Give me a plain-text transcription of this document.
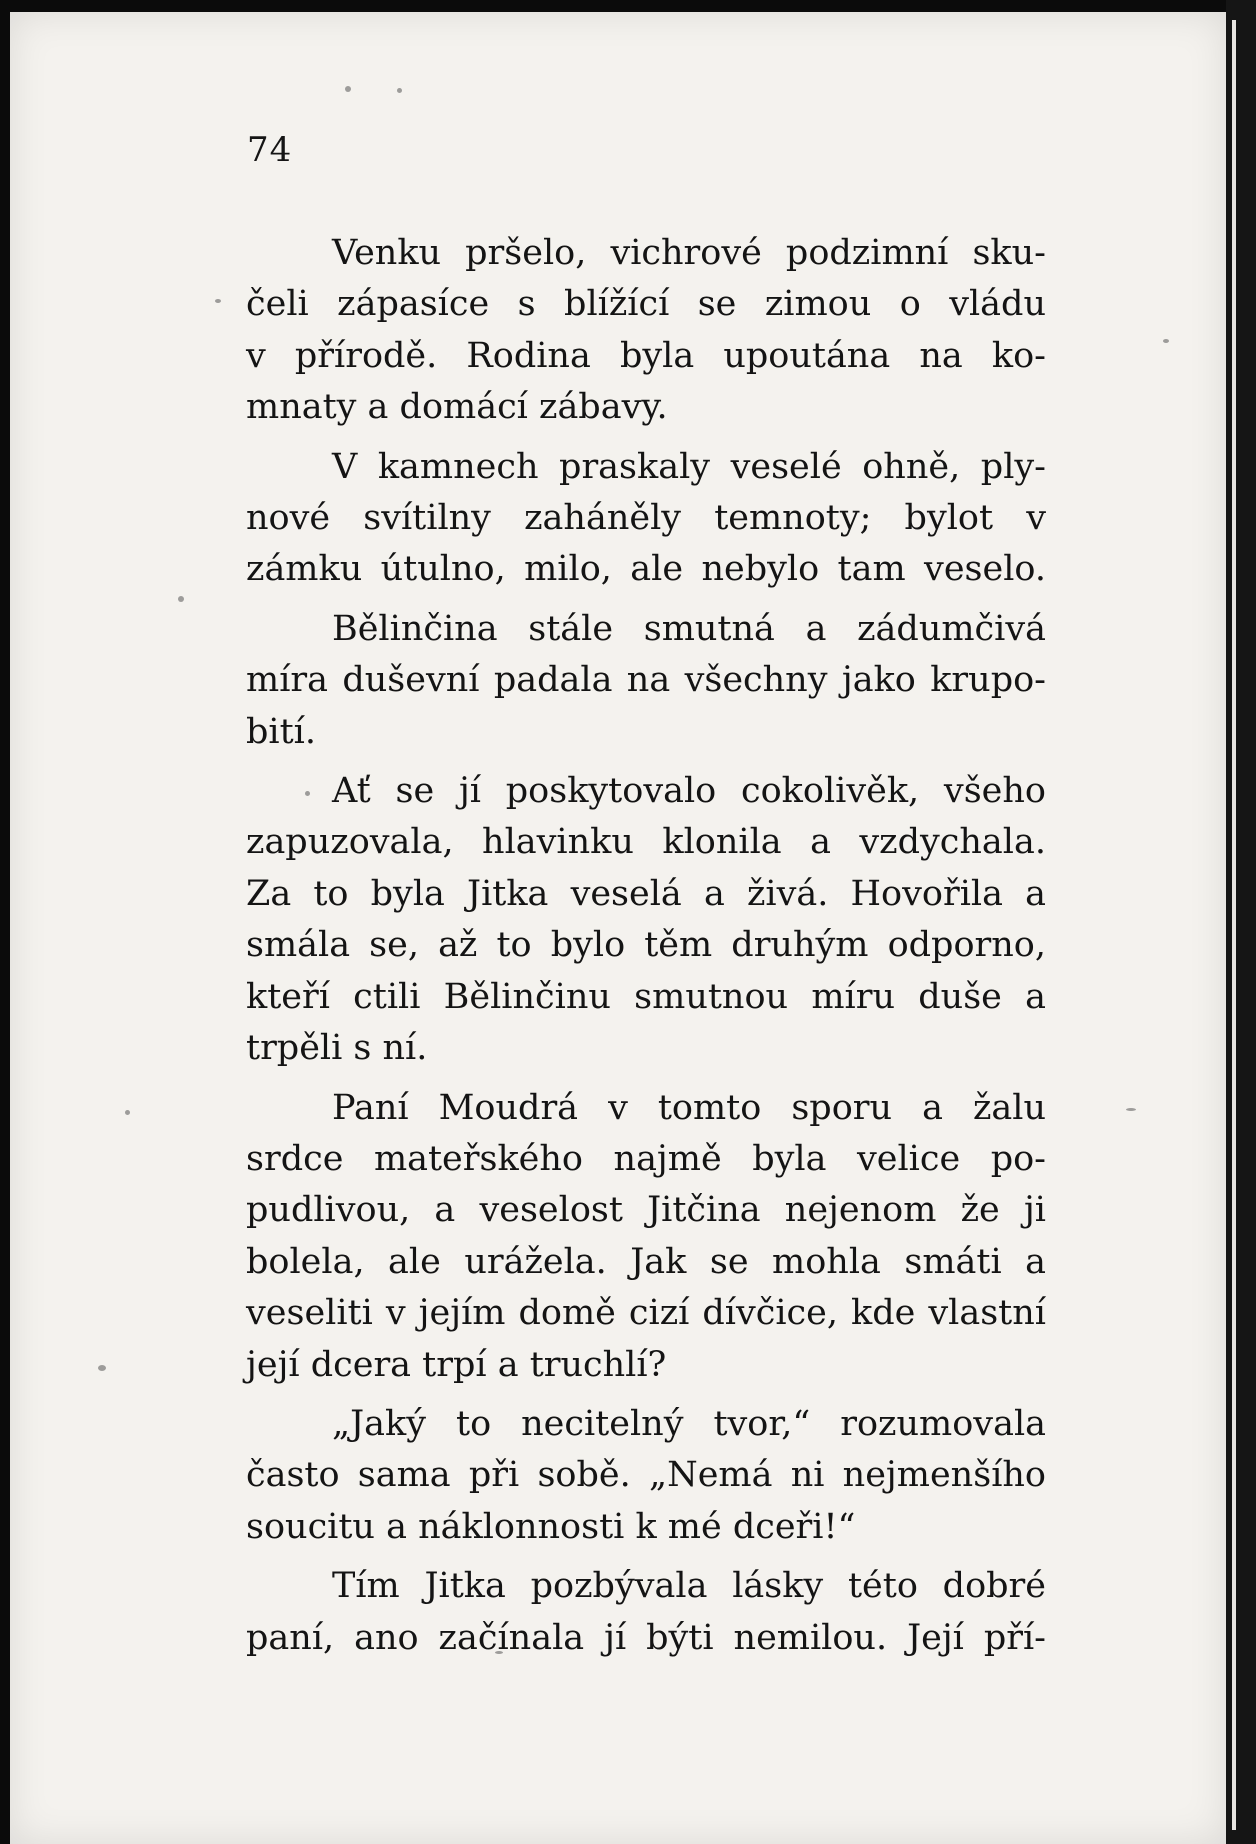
74
Venku pršelo, vichrové podzimní sku-
čeli zápasíce s blížící se zimou o vládu
v přírodě. Rodina byla upoutána na ko-
mnaty a domácí zábavy.
V kamnech praskaly veselé ohně, ply-
nové svítilny zaháněly temnoty; bylot v
zámku útulno, milo, ale nebylo tam veselo.
Bělinčina stále smutná a zádumčivá
míra duševní padala na všechny jako krupo-
bití.
Ať se jí poskytovalo cokolivěk, všeho
zapuzovala, hlavinku klonila a vzdychala.
Za to byla Jitka veselá a živá. Hovořila a
smála se, až to bylo těm druhým odporno,
kteří ctili Bělinčinu smutnou míru duše a
trpěli s ní.
Paní Moudrá v tomto sporu a žalu
srdce mateřského najmě byla velice po-
pudlivou, a veselost Jitčina nejenom že ji
bolela, ale urážela. Jak se mohla smáti a
veseliti v jejím domě cizí dívčice, kde vlastní
její dcera trpí a truchlí?
„Jaký to necitelný tvor,“ rozumovala
často sama při sobě. „Nemá ni nejmenšího
soucitu a náklonnosti k mé dceři!“
Tím Jitka pozbývala lásky této dobré
paní, ano začínala jí býti nemilou. Její pří-
